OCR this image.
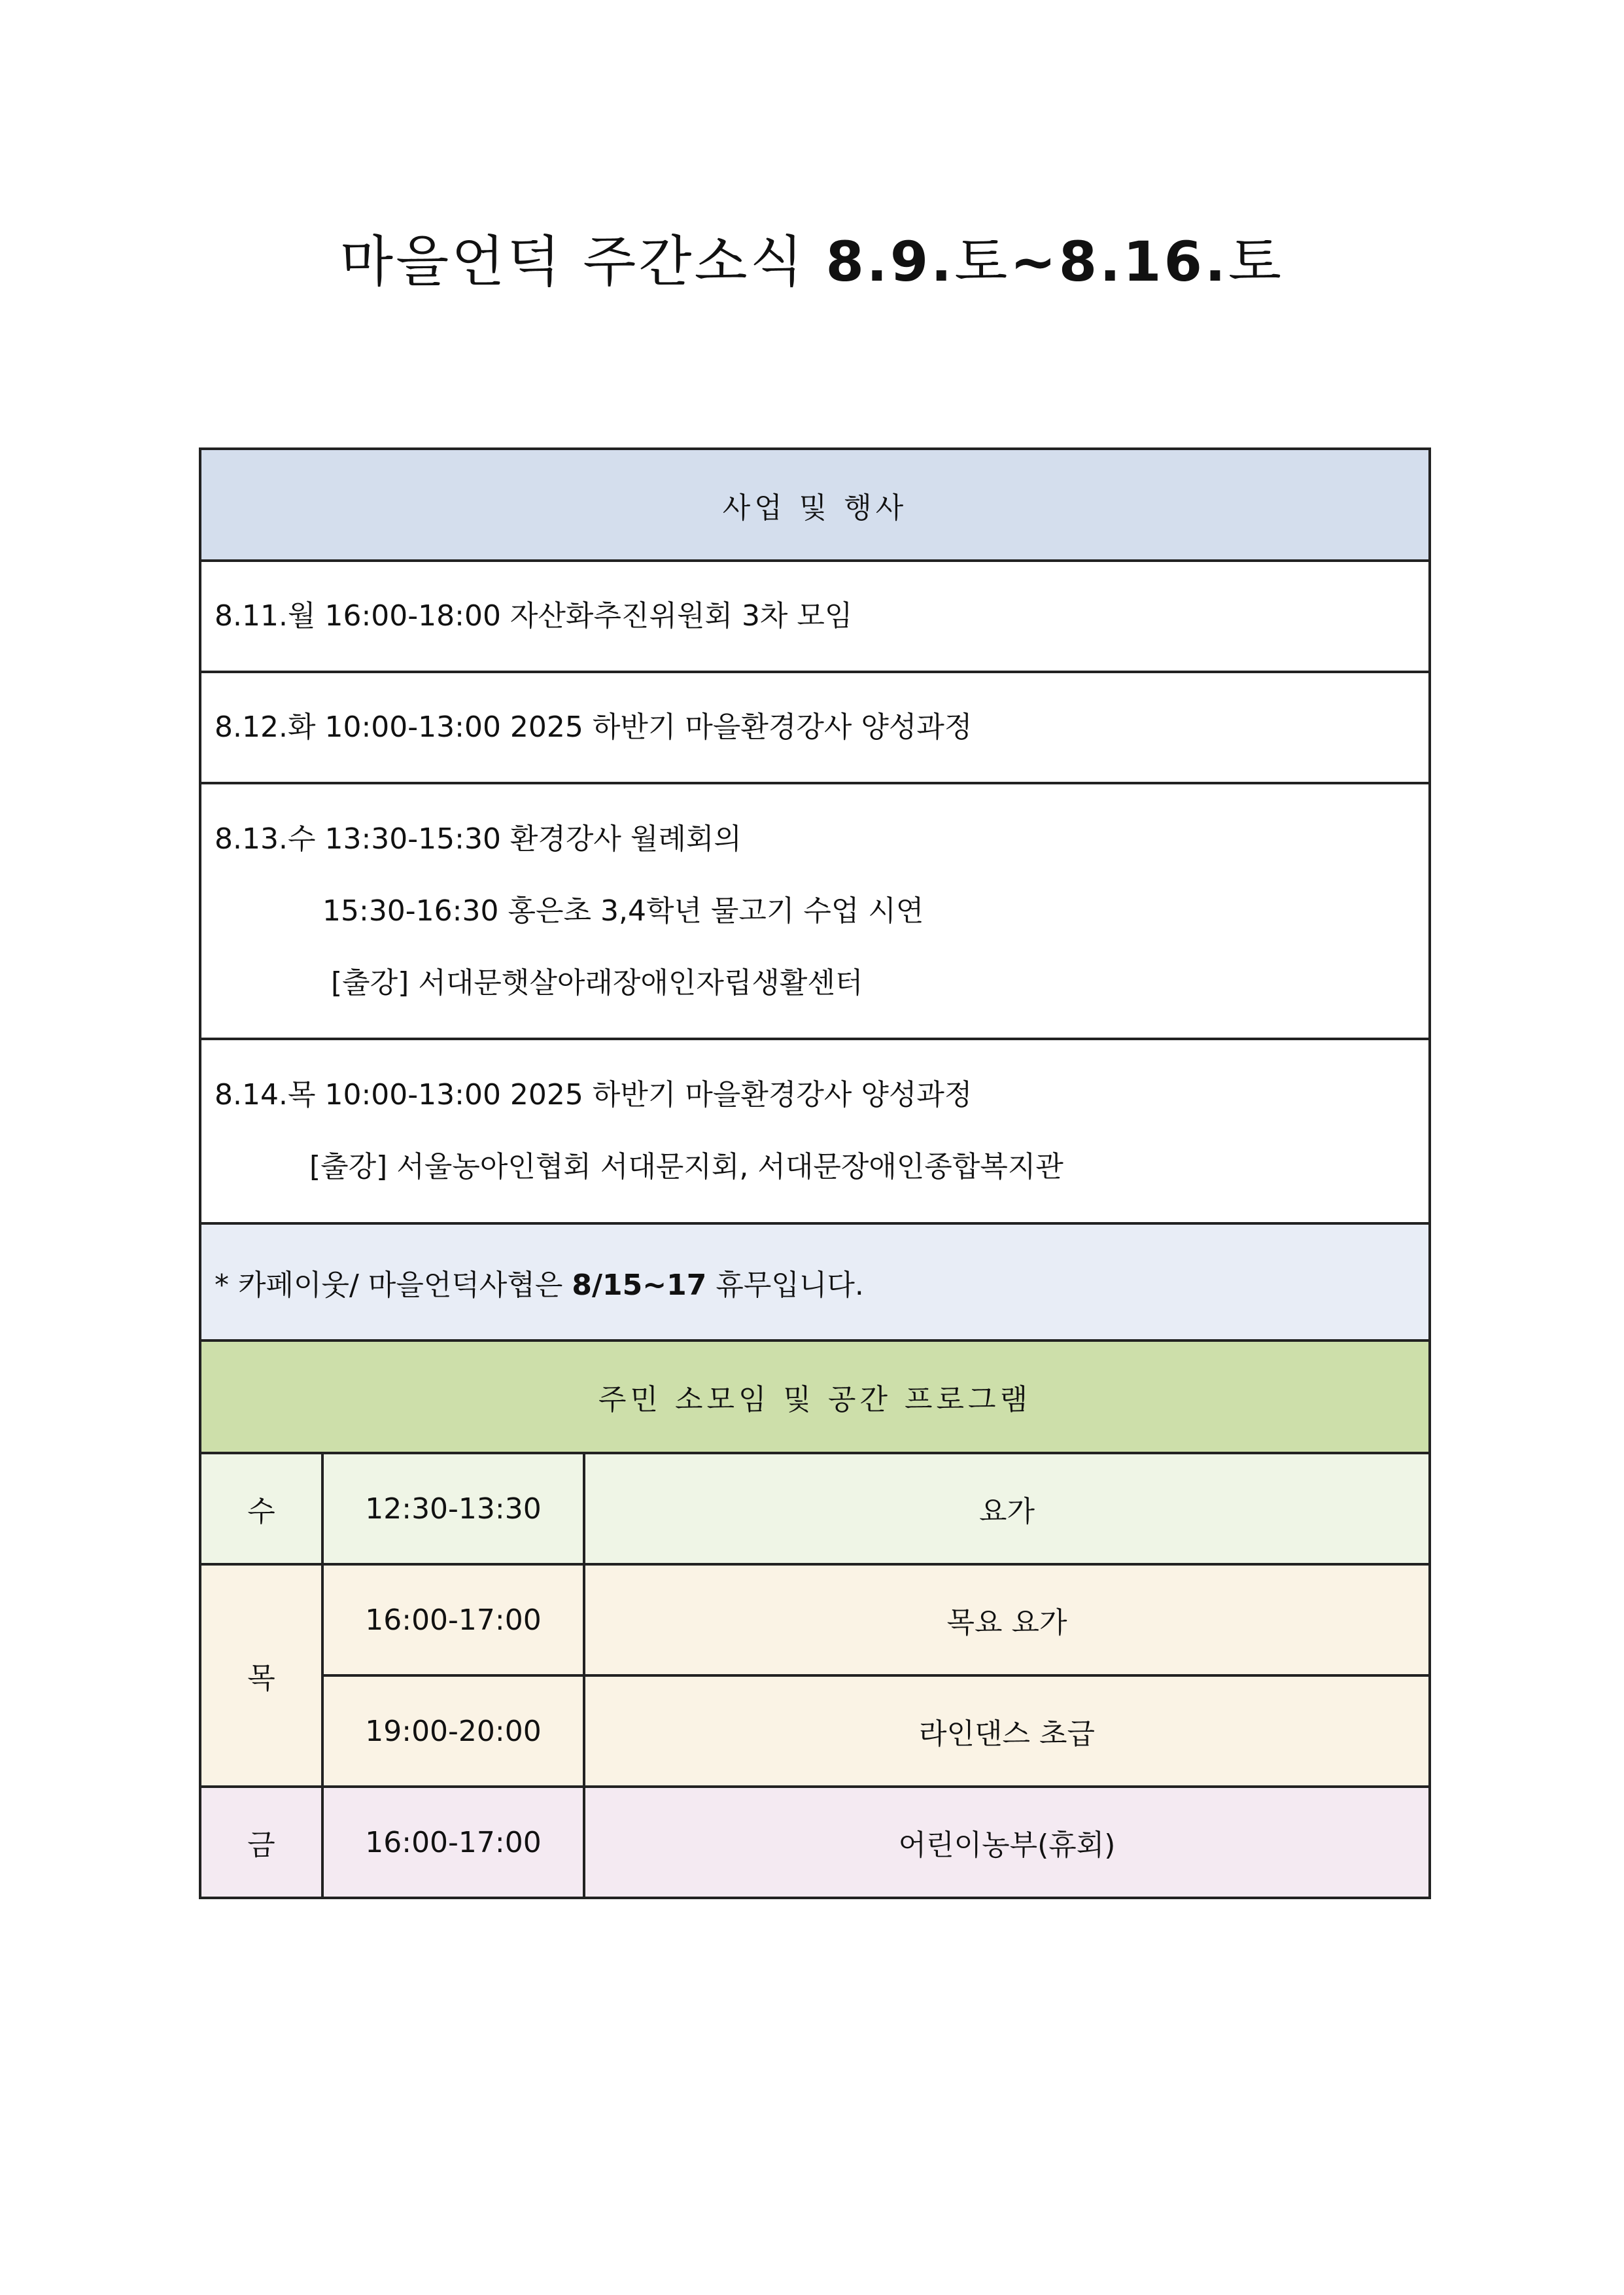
마을언덕 주간소식 8.9.토~8.16.토
사업 및 행사		

8.11.월 16:00-18:00 자산화추진위원회 3차 모임		

8.12.화 10:00-13:00 2025 하반기 마을환경강사 양성과정		

8.13.수 13:30-15:30 환경강사 월례회의
15:30-16:30 홍은초 3,4학년 물고기 수업 시연
[출강] 서대문햇살아래장애인자립생활센터		

8.14.목 10:00-13:00 2025 하반기 마을환경강사 양성과정
[출강] 서울농아인협회 서대문지회, 서대문장애인종합복지관		

* 카페이웃/ 마을언덕사협은 8/15~17 휴무입니다.		
주민 소모임 및 공간 프로그램		
수	12:30-13:30	요가
목	16:00-17:00	목요 요가
	19:00-20:00	라인댄스 초급
금	16:00-17:00	어린이농부(휴회)
